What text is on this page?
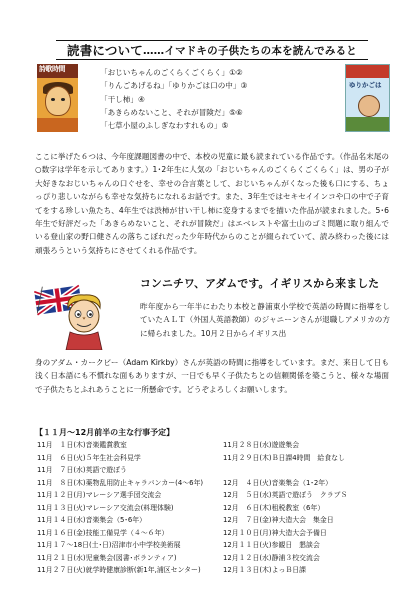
読書について ……イマドキの子供たちの本を読んでみると
詩歌時間	「おじいちゃんのごくらくごくらく」①②
「りんごあげるね」「ゆりかごは口の中」③
「干し柿」④
「あきらめないこと、それが冒険だ」⑤⑥
「七草小屋のふしぎなわすれもの」⑤
ゆりかごは
ここに挙げた６つは、今年度課題図書の中で、本校の児童に最も読まれている作品です。（作品名末尾の○数字は学年を示してあります。）1･2年生に人気の「おじいちゃんのごくらくごくらく」は、男の子が大好きなおじいちゃんの口ぐせを、幸せの合言葉として、おじいちゃんがくなった後も口にする、ちょっぴり悲しいながらも幸せな気持ちになれるお話です。また、3年生ではセキセイインコや口の中で子育てをする珍しい魚たち、4年生では渋柿が甘い干し柿に変身するまでを描いた作品が読まれました。5･6年生で好評だった「あきらめないこと、それが冒険だ」はエベレストや富士山のゴミ問題に取り組んでいる登山家の野口健さんの落ちこぼれだった少年時代からのことが綴られていて、読み終わった後には頑張ろうという気持ちにさせてくれる作品です。
コンニチワ、アダムです。イギリスから来ました
昨年度から一年半にわたり本校と静浦東小学校で英語の時間に指導をしていたＡＬＴ（外国人英語教師）のジャニーンさんが退職しアメリカの方に帰られました。10月２日からイギリス出
身のアダム・カークビー（Adam Kirkby）さんが英語の時間に指導をしています。まだ、来日して日も浅く日本語にも不慣れな面もありますが、一日でも早く子供たちとの信頼関係を築こうと、様々な場面で子供たちとふれあうことに一所懸命です。どうぞよろしくお願いします。
【１１月～12月前半の主な行事予定】
11月　１日(木)音楽鑑賞教室
11月　６日(火)５年生社会科見学
11月　７日(水)英語で遊ぼう
11月　８日(木)薬物乱用防止キャラバンカー(4～6年)
11月１２日(月)マレーシア選手団交流会
11月１３日(火)マレーシア交流会(料理体験)
11月１４日(水)音楽集会（5･6年）
11月１６日(金)技能工備見学（４～６年）
11月１７～18日(土･日)沼津市小中学校美術展
11月２１日(水)児童集会(図書･ボランティア)
11月２７日(火)就学時健康診断(新1年,浦区センター)
11月２８日(水)遊遊集会
11月２９日(木)Ｂ日課4時間　給食なし

12月　４日(火)音楽集会（1･2年）
12月　５日(水)英語で遊ぼう　クラブＳ
12月　６日(木)租税教室（6年）
12月　７日(金)神大造大会　集金日
12月１０日(月)神大造大会予備日
12月１１日(火)参観日　懇談会
12月１２日(水)静浦３校交流会
12月１３日(木)よっＢ日課
